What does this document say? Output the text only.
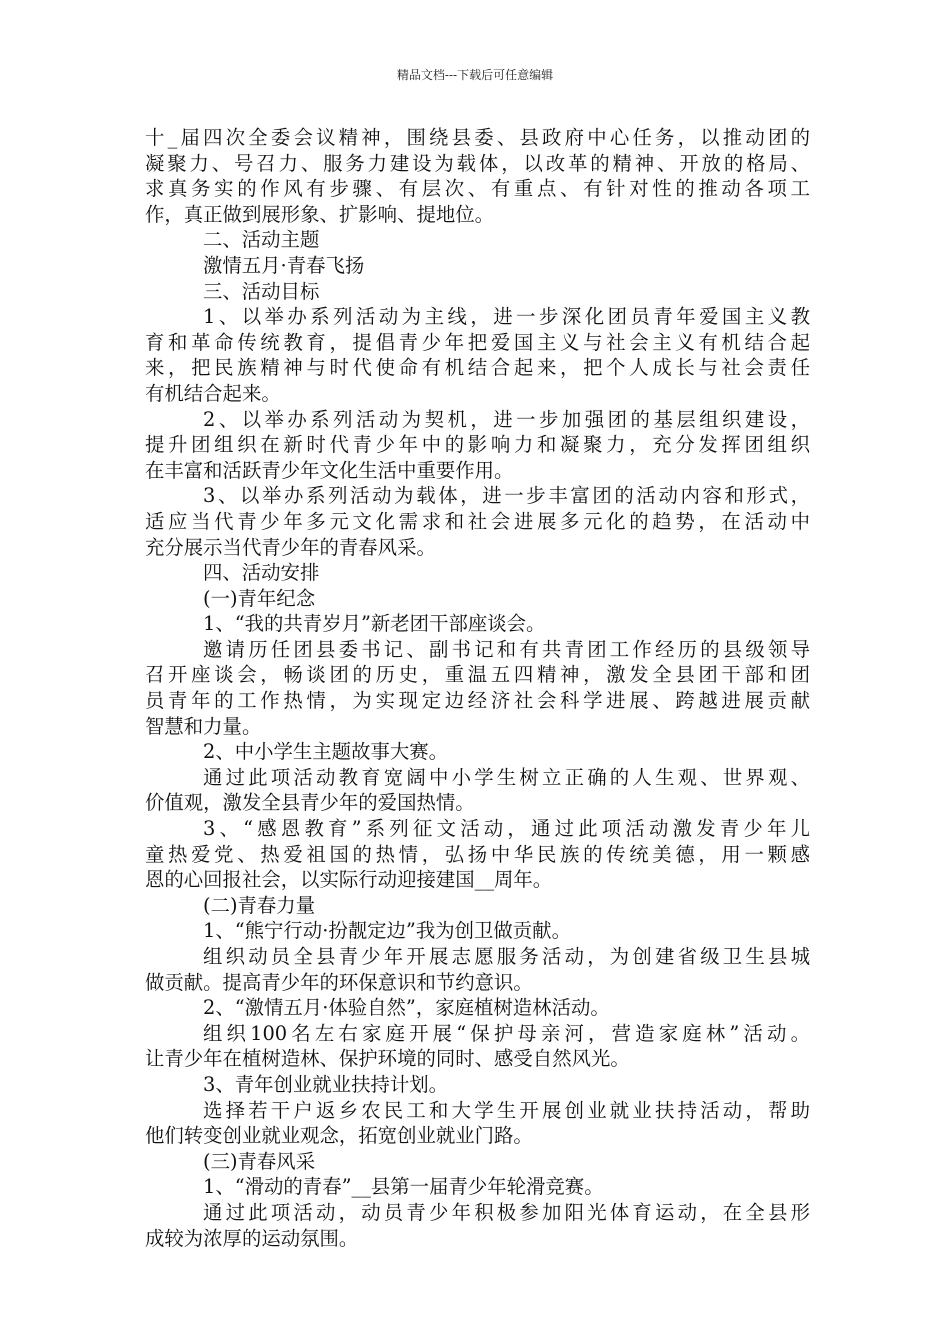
精品文档---下载后可任意编辑
十_届四次全委会议精神，围绕县委、县政府中心任务，以推动团的
凝聚力、号召力、服务力建设为载体，以改革的精神、开放的格局、
求真务实的作风有步骤、有层次、有重点、有针对性的推动各项工
作，真正做到展形象、扩影响、提地位。
二、活动主题
激情五月·青春飞扬
三、活动目标
1、以举办系列活动为主线，进一步深化团员青年爱国主义教
育和革命传统教育，提倡青少年把爱国主义与社会主义有机结合起
来，把民族精神与时代使命有机结合起来，把个人成长与社会责任
有机结合起来。
2、以举办系列活动为契机，进一步加强团的基层组织建设，
提升团组织在新时代青少年中的影响力和凝聚力，充分发挥团组织
在丰富和活跃青少年文化生活中重要作用。
3、以举办系列活动为载体，进一步丰富团的活动内容和形式，
适应当代青少年多元文化需求和社会进展多元化的趋势，在活动中
充分展示当代青少年的青春风采。
四、活动安排
(一)青年纪念
1、“我的共青岁月”新老团干部座谈会。
邀请历任团县委书记、副书记和有共青团工作经历的县级领导
召开座谈会，畅谈团的历史，重温五四精神，激发全县团干部和团
员青年的工作热情，为实现定边经济社会科学进展、跨越进展贡献
智慧和力量。
2、中小学生主题故事大赛。
通过此项活动教育宽阔中小学生树立正确的人生观、世界观、
价值观，激发全县青少年的爱国热情。
3、“感恩教育”系列征文活动，通过此项活动激发青少年儿
童热爱党、热爱祖国的热情，弘扬中华民族的传统美德，用一颗感
恩的心回报社会，以实际行动迎接建国__周年。
(二)青春力量
1、“熊宁行动·扮靓定边”我为创卫做贡献。
组织动员全县青少年开展志愿服务活动，为创建省级卫生县城
做贡献。提高青少年的环保意识和节约意识。
2、“激情五月·体验自然”，家庭植树造林活动。
组织100名左右家庭开展“保护母亲河，营造家庭林”活动。
让青少年在植树造林、保护环境的同时、感受自然风光。
3、青年创业就业扶持计划。
选择若干户返乡农民工和大学生开展创业就业扶持活动，帮助
他们转变创业就业观念，拓宽创业就业门路。
(三)青春风采
1、“滑动的青春”__县第一届青少年轮滑竞赛。
通过此项活动，动员青少年积极参加阳光体育运动，在全县形
成较为浓厚的运动氛围。
